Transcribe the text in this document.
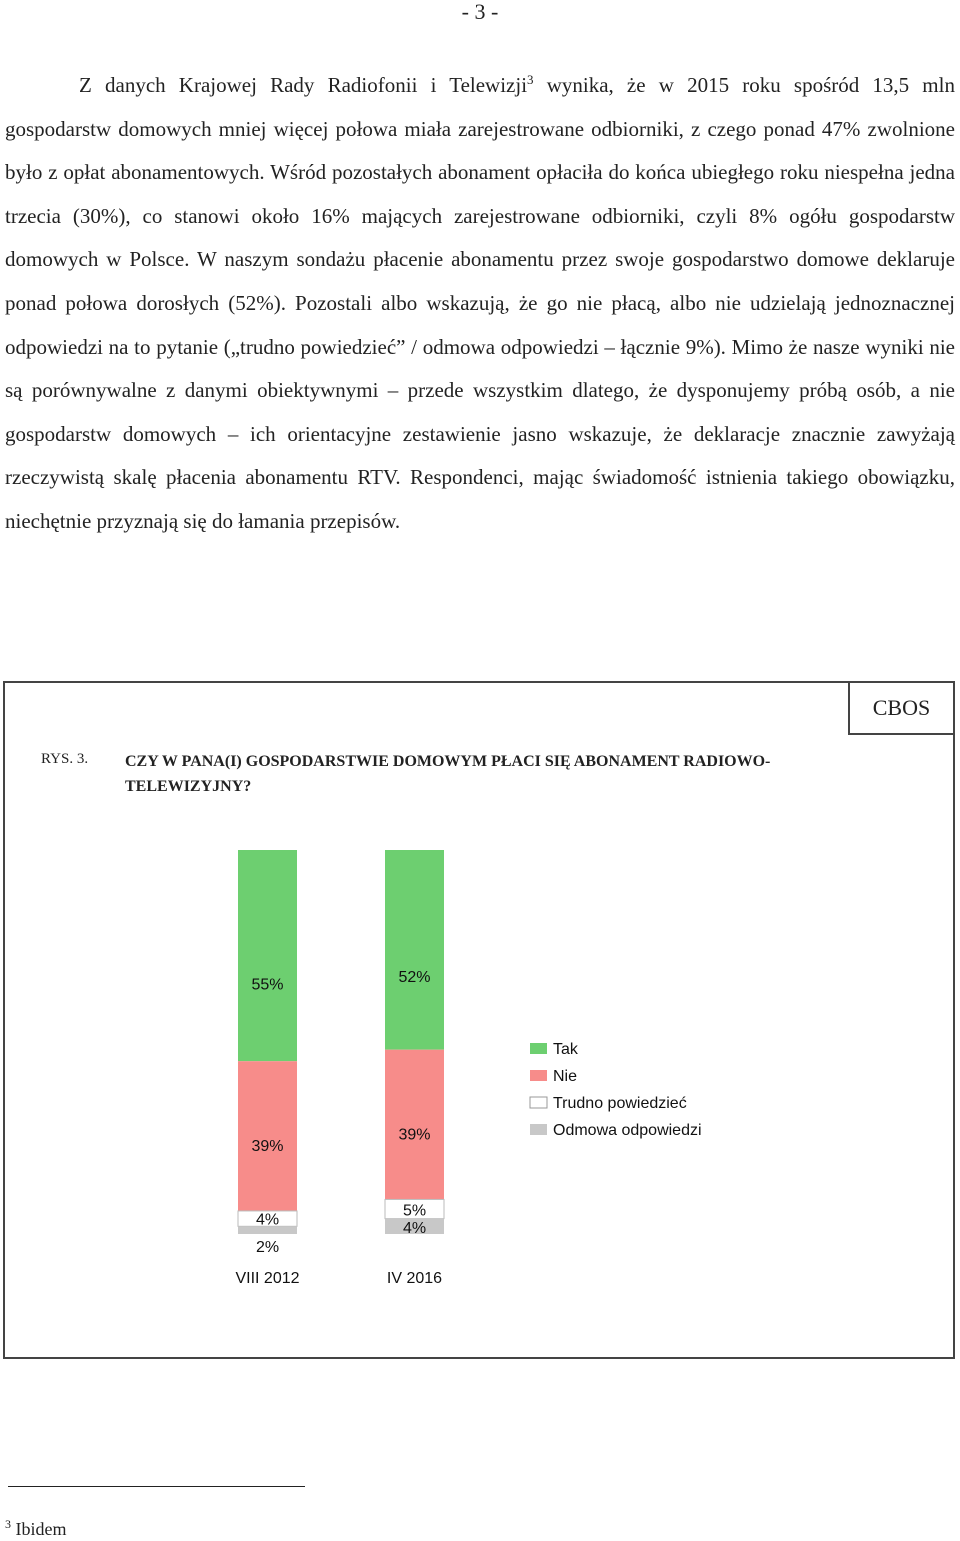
- 3 -

Z danych Krajowej Rady Radiofonii i Telewizji$^3$ wynika, że w 2015 roku spośród 13,5 mln gospodarstw domowych mniej więcej połowa miała zarejestrowane odbiorniki, z czego ponad 47% zwolnione było z opłat abonamentowych. Wśród pozostałych abonament opłaciła do końca ubiegłego roku niespełna jedna trzecia (30%), co stanowi około 16% mających zarejestrowane odbiorniki, czyli 8% ogółu gospodarstw domowych w Polsce. W naszym sondażu płacenie abonamentu przez swoje gospodarstwo domowe deklaruje ponad połowa dorosłych (52%). Pozostali albo wskazują, że go nie płacą, albo nie udzielają jednoznacznej odpowiedzi na to pytanie („trudno powiedzieć” / odmowa odpowiedzi – łącznie 9%). Mimo że nasze wyniki nie są porównywalne z danymi obiektywnymi – przede wszystkim dlatego, że dysponujemy próbą osób, a nie gospodarstw domowych – ich orientacyjne zestawienie jasno wskazuje, że deklaracje znacznie zawyżają rzeczywistą skalę płacenia abonamentu RTV. Respondenci, mając świadomość istnienia takiego obowiązku, niechętnie przyznają się do łamania przepisów.

CBOS
RYS. 3. CZY W PANA(I) GOSPODARSTWIE DOMOWYM PŁACI SIĘ ABONAMENT RADIOWO-TELEWIZYJNY?
55%
39%
4%
2%
VIII 2012
52%
39%
5%
4%
IV 2016
Tak
Nie
Trudno powiedzieć
Odmowa odpowiedzi
$^3$ Ibidem
